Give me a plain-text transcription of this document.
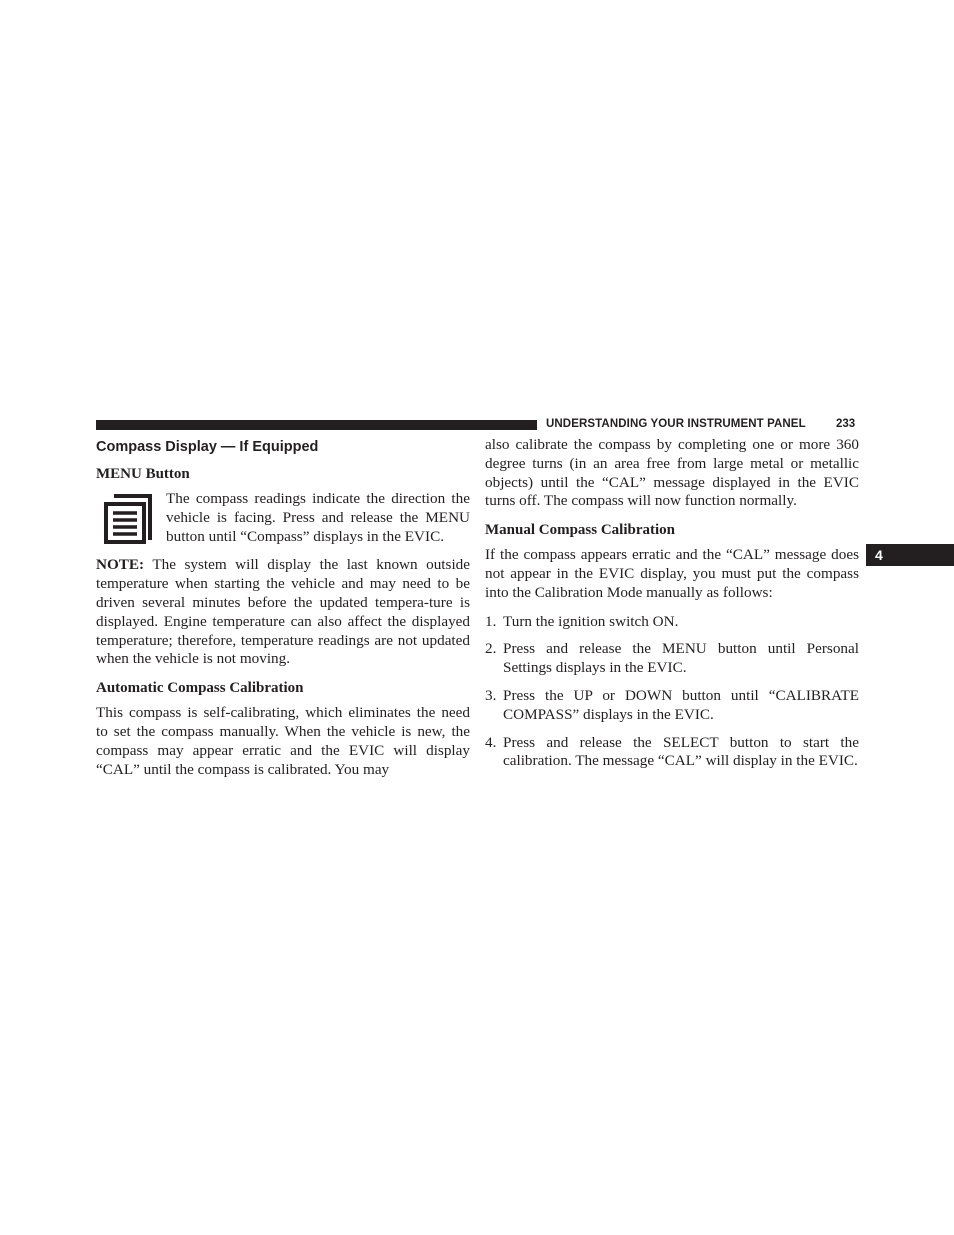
UNDERSTANDING YOUR INSTRUMENT PANEL	233
4
Compass Display — If Equipped
MENU Button

The compass readings indicate the direction the vehicle is facing. Press and release the MENU button until “Compass” displays in the EVIC.

NOTE: The system will display the last known outside temperature when starting the vehicle and may need to be driven several minutes before the updated tempera-ture is displayed. Engine temperature can also affect the displayed temperature; therefore, temperature readings are not updated when the vehicle is not moving.

Automatic Compass Calibration

This compass is self-calibrating, which eliminates the need to set the compass manually. When the vehicle is new, the compass may appear erratic and the EVIC will display “CAL” until the compass is calibrated. You may

also calibrate the compass by completing one or more 360 degree turns (in an area free from large metal or metallic objects) until the “CAL” message displayed in the EVIC turns off. The compass will now function normally.

Manual Compass Calibration

If the compass appears erratic and the “CAL” message does not appear in the EVIC display, you must put the compass into the Calibration Mode manually as follows:

1. Turn the ignition switch ON.

2. Press and release the MENU button until Personal Settings displays in the EVIC.

3. Press the UP or DOWN button until “CALIBRATE COMPASS” displays in the EVIC.

4. Press and release the SELECT button to start the calibration. The message “CAL” will display in the EVIC.
